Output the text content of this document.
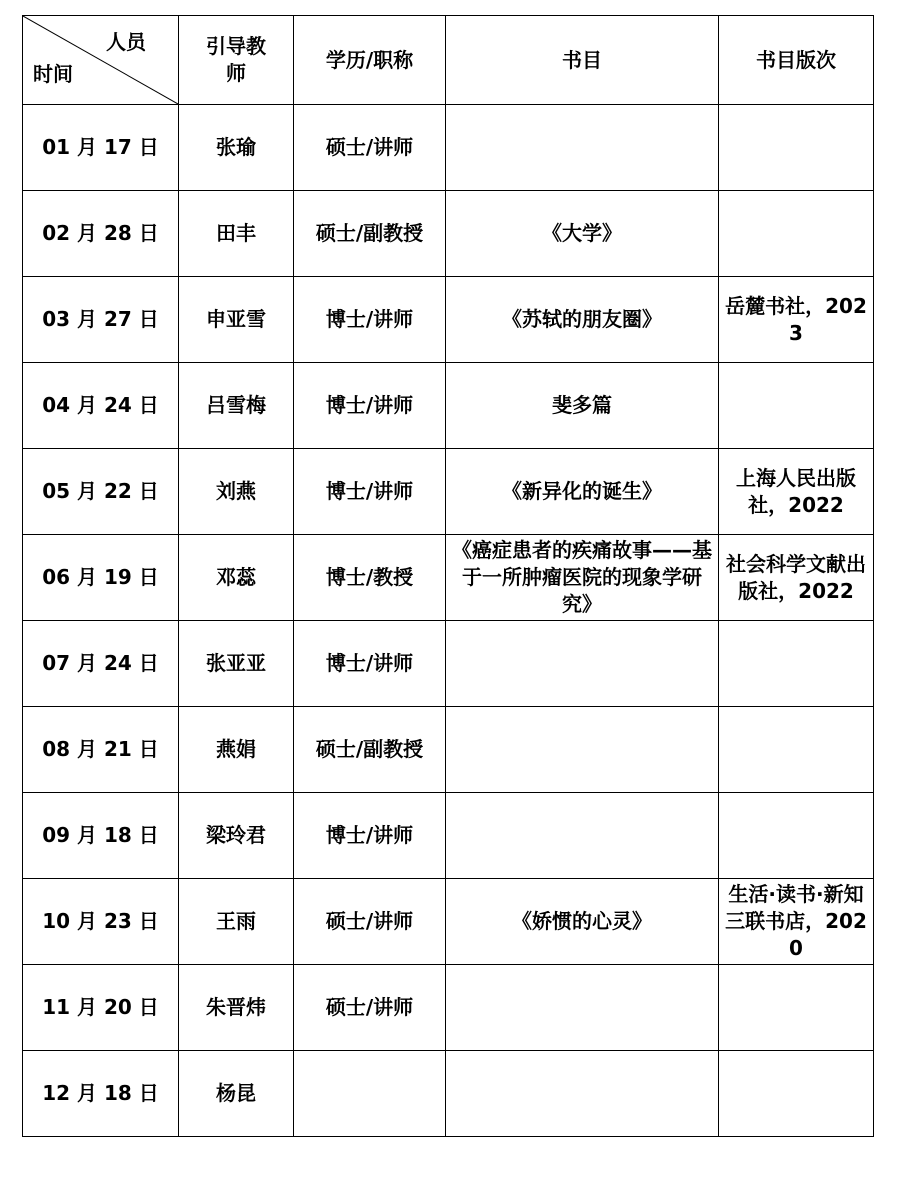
人员
时间	引导教师	学历/职称	书目	书目版次
01 月 17 日	张瑜	硕士/讲师		
02 月 28 日	田丰	硕士/副教授	《大学》	
03 月 27 日	申亚雪	博士/讲师	《苏轼的朋友圈》	岳麓书社，2023
04 月 24 日	吕雪梅	博士/讲师	斐多篇	
05 月 22 日	刘燕	博士/讲师	《新异化的诞生》	上海人民出版社，2022
06 月 19 日	邓蕊	博士/教授	《癌症患者的疾痛故事——基于一所肿瘤医院的现象学研究》	社会科学文献出版社，2022
07 月 24 日	张亚亚	博士/讲师		
08 月 21 日	燕娟	硕士/副教授		
09 月 18 日	梁玲君	博士/讲师		
10 月 23 日	王雨	硕士/讲师	《娇惯的心灵》	生活·读书·新知三联书店，2020
11 月 20 日	朱晋炜	硕士/讲师		
12 月 18 日	杨昆			
